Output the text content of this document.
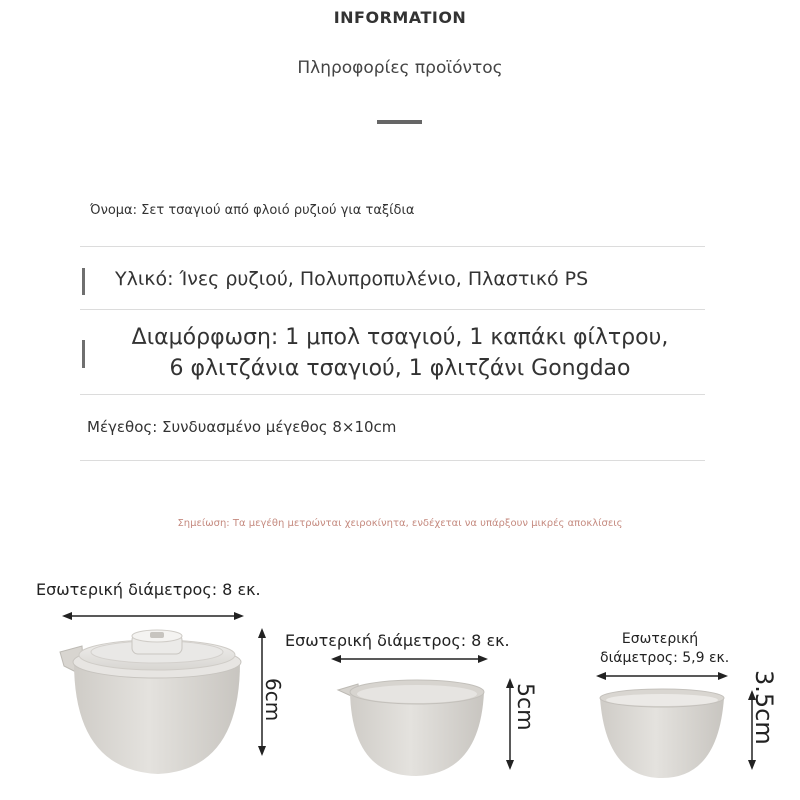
INFORMATION
Πληροφορίες προϊόντος
Όνομα: Σετ τσαγιού από φλοιό ρυζιού για ταξίδια
Υλικό: Ίνες ρυζιού, Πολυπροπυλένιο, Πλαστικό PS
Διαμόρφωση: 1 μπολ τσαγιού, 1 καπάκι φίλτρου,
6 φλιτζάνια τσαγιού, 1 φλιτζάνι Gongdao
Μέγεθος: Συνδυασμένο μέγεθος 8×10cm
Σημείωση: Τα μεγέθη μετρώνται χειροκίνητα, ενδέχεται να υπάρξουν μικρές αποκλίσεις
Εσωτερική διάμετρος: 8 εκ.
Εσωτερική διάμετρος: 8 εκ.	Εσωτερική
διάμετρος: 5,9 εκ.
6cm	5cm	3.5cm
